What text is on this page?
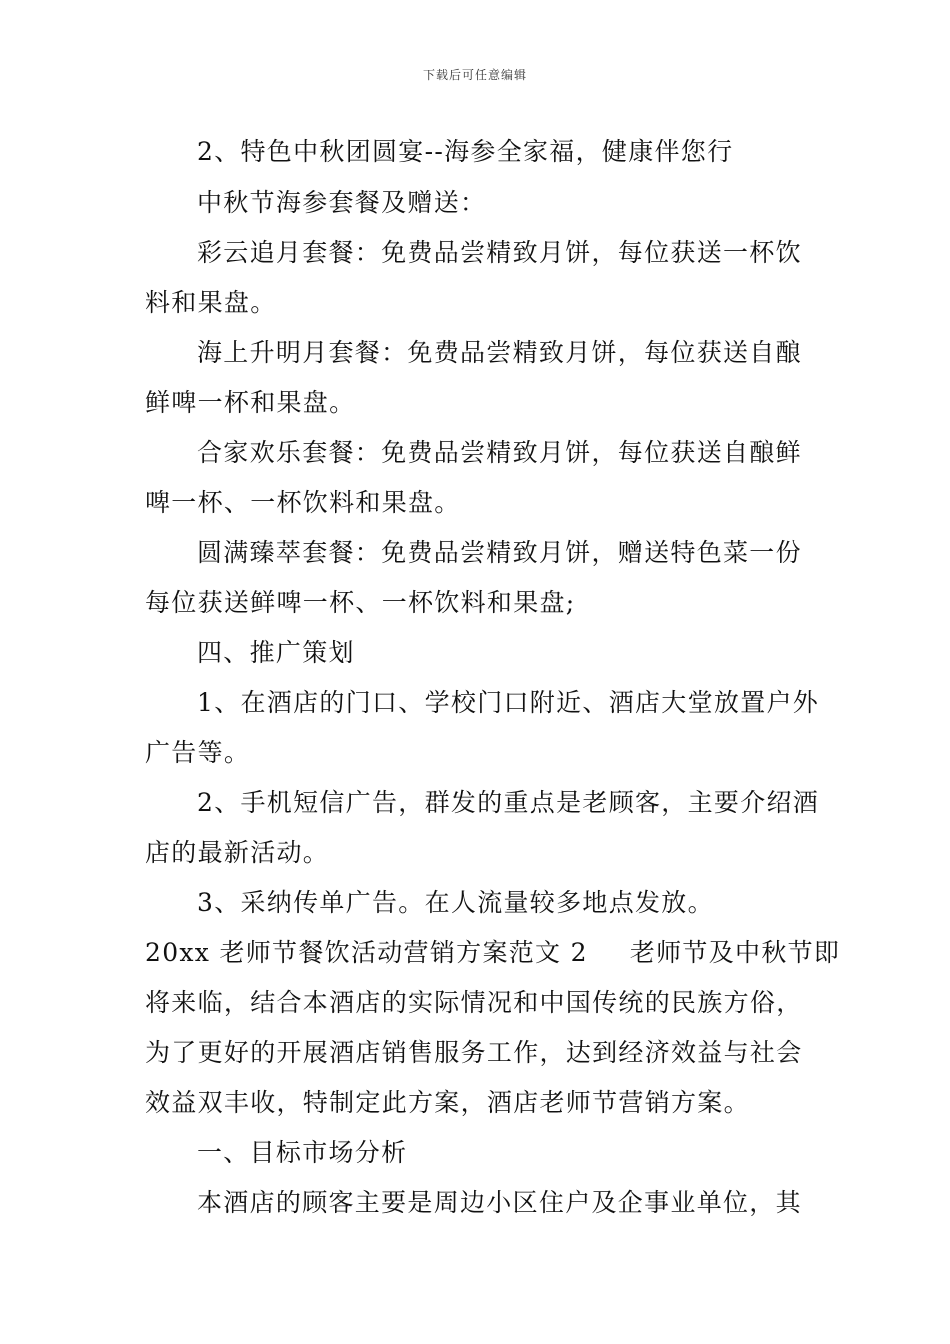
下载后可任意编辑
2、特色中秋团圆宴--海参全家福，健康伴您行
中秋节海参套餐及赠送：
彩云追月套餐：免费品尝精致月饼，每位获送一杯饮
料和果盘。
海上升明月套餐：免费品尝精致月饼，每位获送自酿
鲜啤一杯和果盘。
合家欢乐套餐：免费品尝精致月饼，每位获送自酿鲜
啤一杯、一杯饮料和果盘。
圆满臻萃套餐：免费品尝精致月饼，赠送特色菜一份
每位获送鲜啤一杯、一杯饮料和果盘;
四、推广策划
1、在酒店的门口、学校门口附近、酒店大堂放置户外
广告等。
2、手机短信广告，群发的重点是老顾客，主要介绍酒
店的最新活动。
3、采纳传单广告。在人流量较多地点发放。
20xx 老师节餐饮活动营销方案范文 2 老师节及中秋节即
将来临，结合本酒店的实际情况和中国传统的民族方俗，
为了更好的开展酒店销售服务工作，达到经济效益与社会
效益双丰收，特制定此方案，酒店老师节营销方案。
一、目标市场分析
本酒店的顾客主要是周边小区住户及企事业单位，其
